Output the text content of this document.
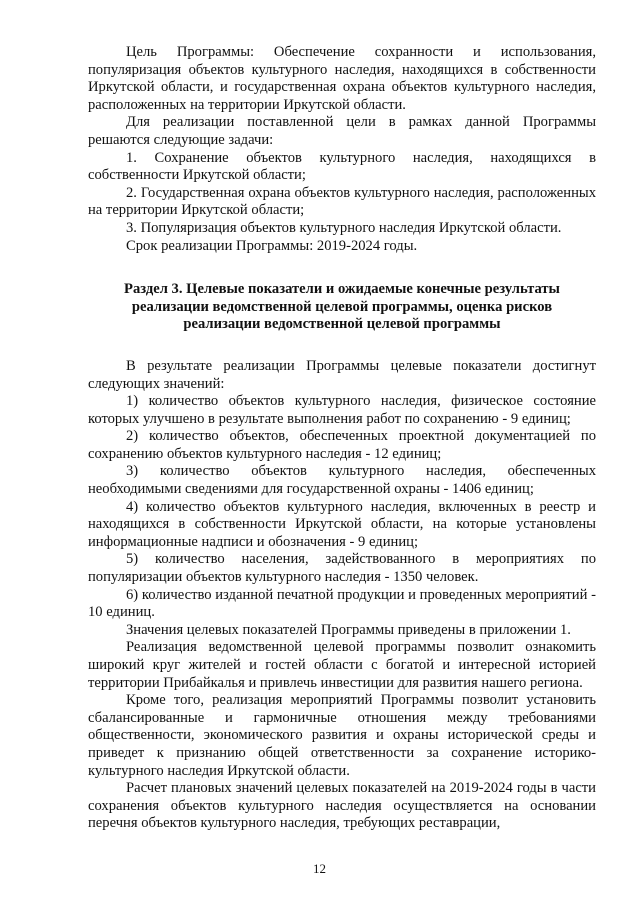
Цель Программы: Обеспечение сохранности и использования, популяризация объектов культурного наследия, находящихся в собственности Иркутской области, и государственная охрана объектов культурного наследия, расположенных на территории Иркутской области.

Для реализации поставленной цели в рамках данной Программы решаются следующие задачи:

1. Сохранение объектов культурного наследия, находящихся в собственности Иркутской области;

2. Государственная охрана объектов культурного наследия, расположенных на территории Иркутской области;

3. Популяризация объектов культурного наследия Иркутской области.

Срок реализации Программы: 2019-2024 годы.

Раздел 3. Целевые показатели и ожидаемые конечные результаты реализации ведомственной целевой программы, оценка рисков реализации ведомственной целевой программы

В результате реализации Программы целевые показатели достигнут следующих значений:

1) количество объектов культурного наследия, физическое состояние которых улучшено в результате выполнения работ по сохранению - 9 единиц;

2) количество объектов, обеспеченных проектной документацией по сохранению объектов культурного наследия - 12 единиц;

3) количество объектов культурного наследия, обеспеченных необходимыми сведениями для государственной охраны - 1406 единиц;

4) количество объектов культурного наследия, включенных в реестр и находящихся в собственности Иркутской области, на которые установлены информационные надписи и обозначения - 9 единиц;

5) количество населения, задействованного в мероприятиях по популяризации объектов культурного наследия - 1350 человек.

6) количество изданной печатной продукции и проведенных мероприятий - 10 единиц.

Значения целевых показателей Программы приведены в приложении 1.

Реализация ведомственной целевой программы позволит ознакомить широкий круг жителей и гостей области с богатой и интересной историей территории Прибайкалья и привлечь инвестиции для развития нашего региона.

Кроме того, реализация мероприятий Программы позволит установить сбалансированные и гармоничные отношения между требованиями общественности, экономического развития и охраны исторической среды и приведет к признанию общей ответственности за сохранение историко-культурного наследия Иркутской области.

Расчет плановых значений целевых показателей на 2019-2024 годы в части сохранения объектов культурного наследия осуществляется на основании перечня объектов культурного наследия, требующих реставрации,

12
